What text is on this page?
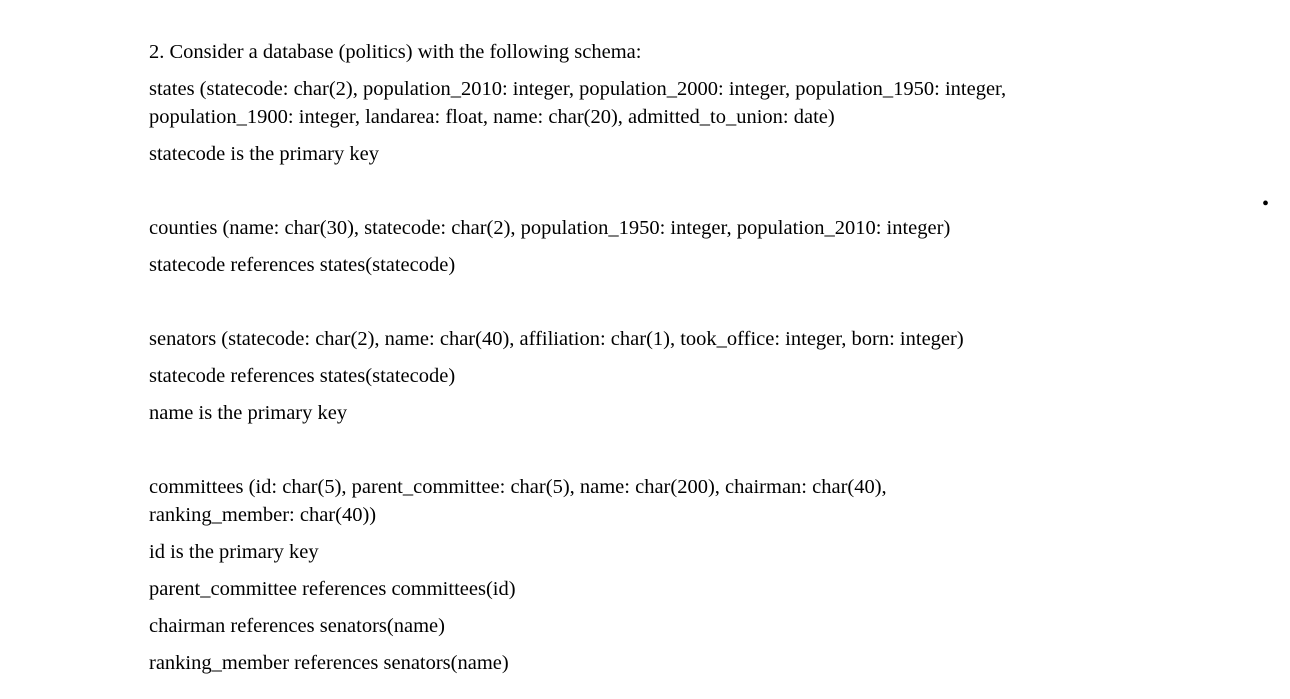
2. Consider a database (politics) with the following schema:

states (statecode: char(2), population_2010: integer, population_2000: integer, population_1950: integer,
population_1900: integer, landarea: float, name: char(20), admitted_to_union: date)

statecode is the primary key

counties (name: char(30), statecode: char(2), population_1950: integer, population_2010: integer)

statecode references states(statecode)

senators (statecode: char(2), name: char(40), affiliation: char(1), took_office: integer, born: integer)

statecode references states(statecode)

name is the primary key

committees (id: char(5), parent_committee: char(5), name: char(200), chairman: char(40),
ranking_member: char(40))

id is the primary key

parent_committee references committees(id)

chairman references senators(name)

ranking_member references senators(name)

•
